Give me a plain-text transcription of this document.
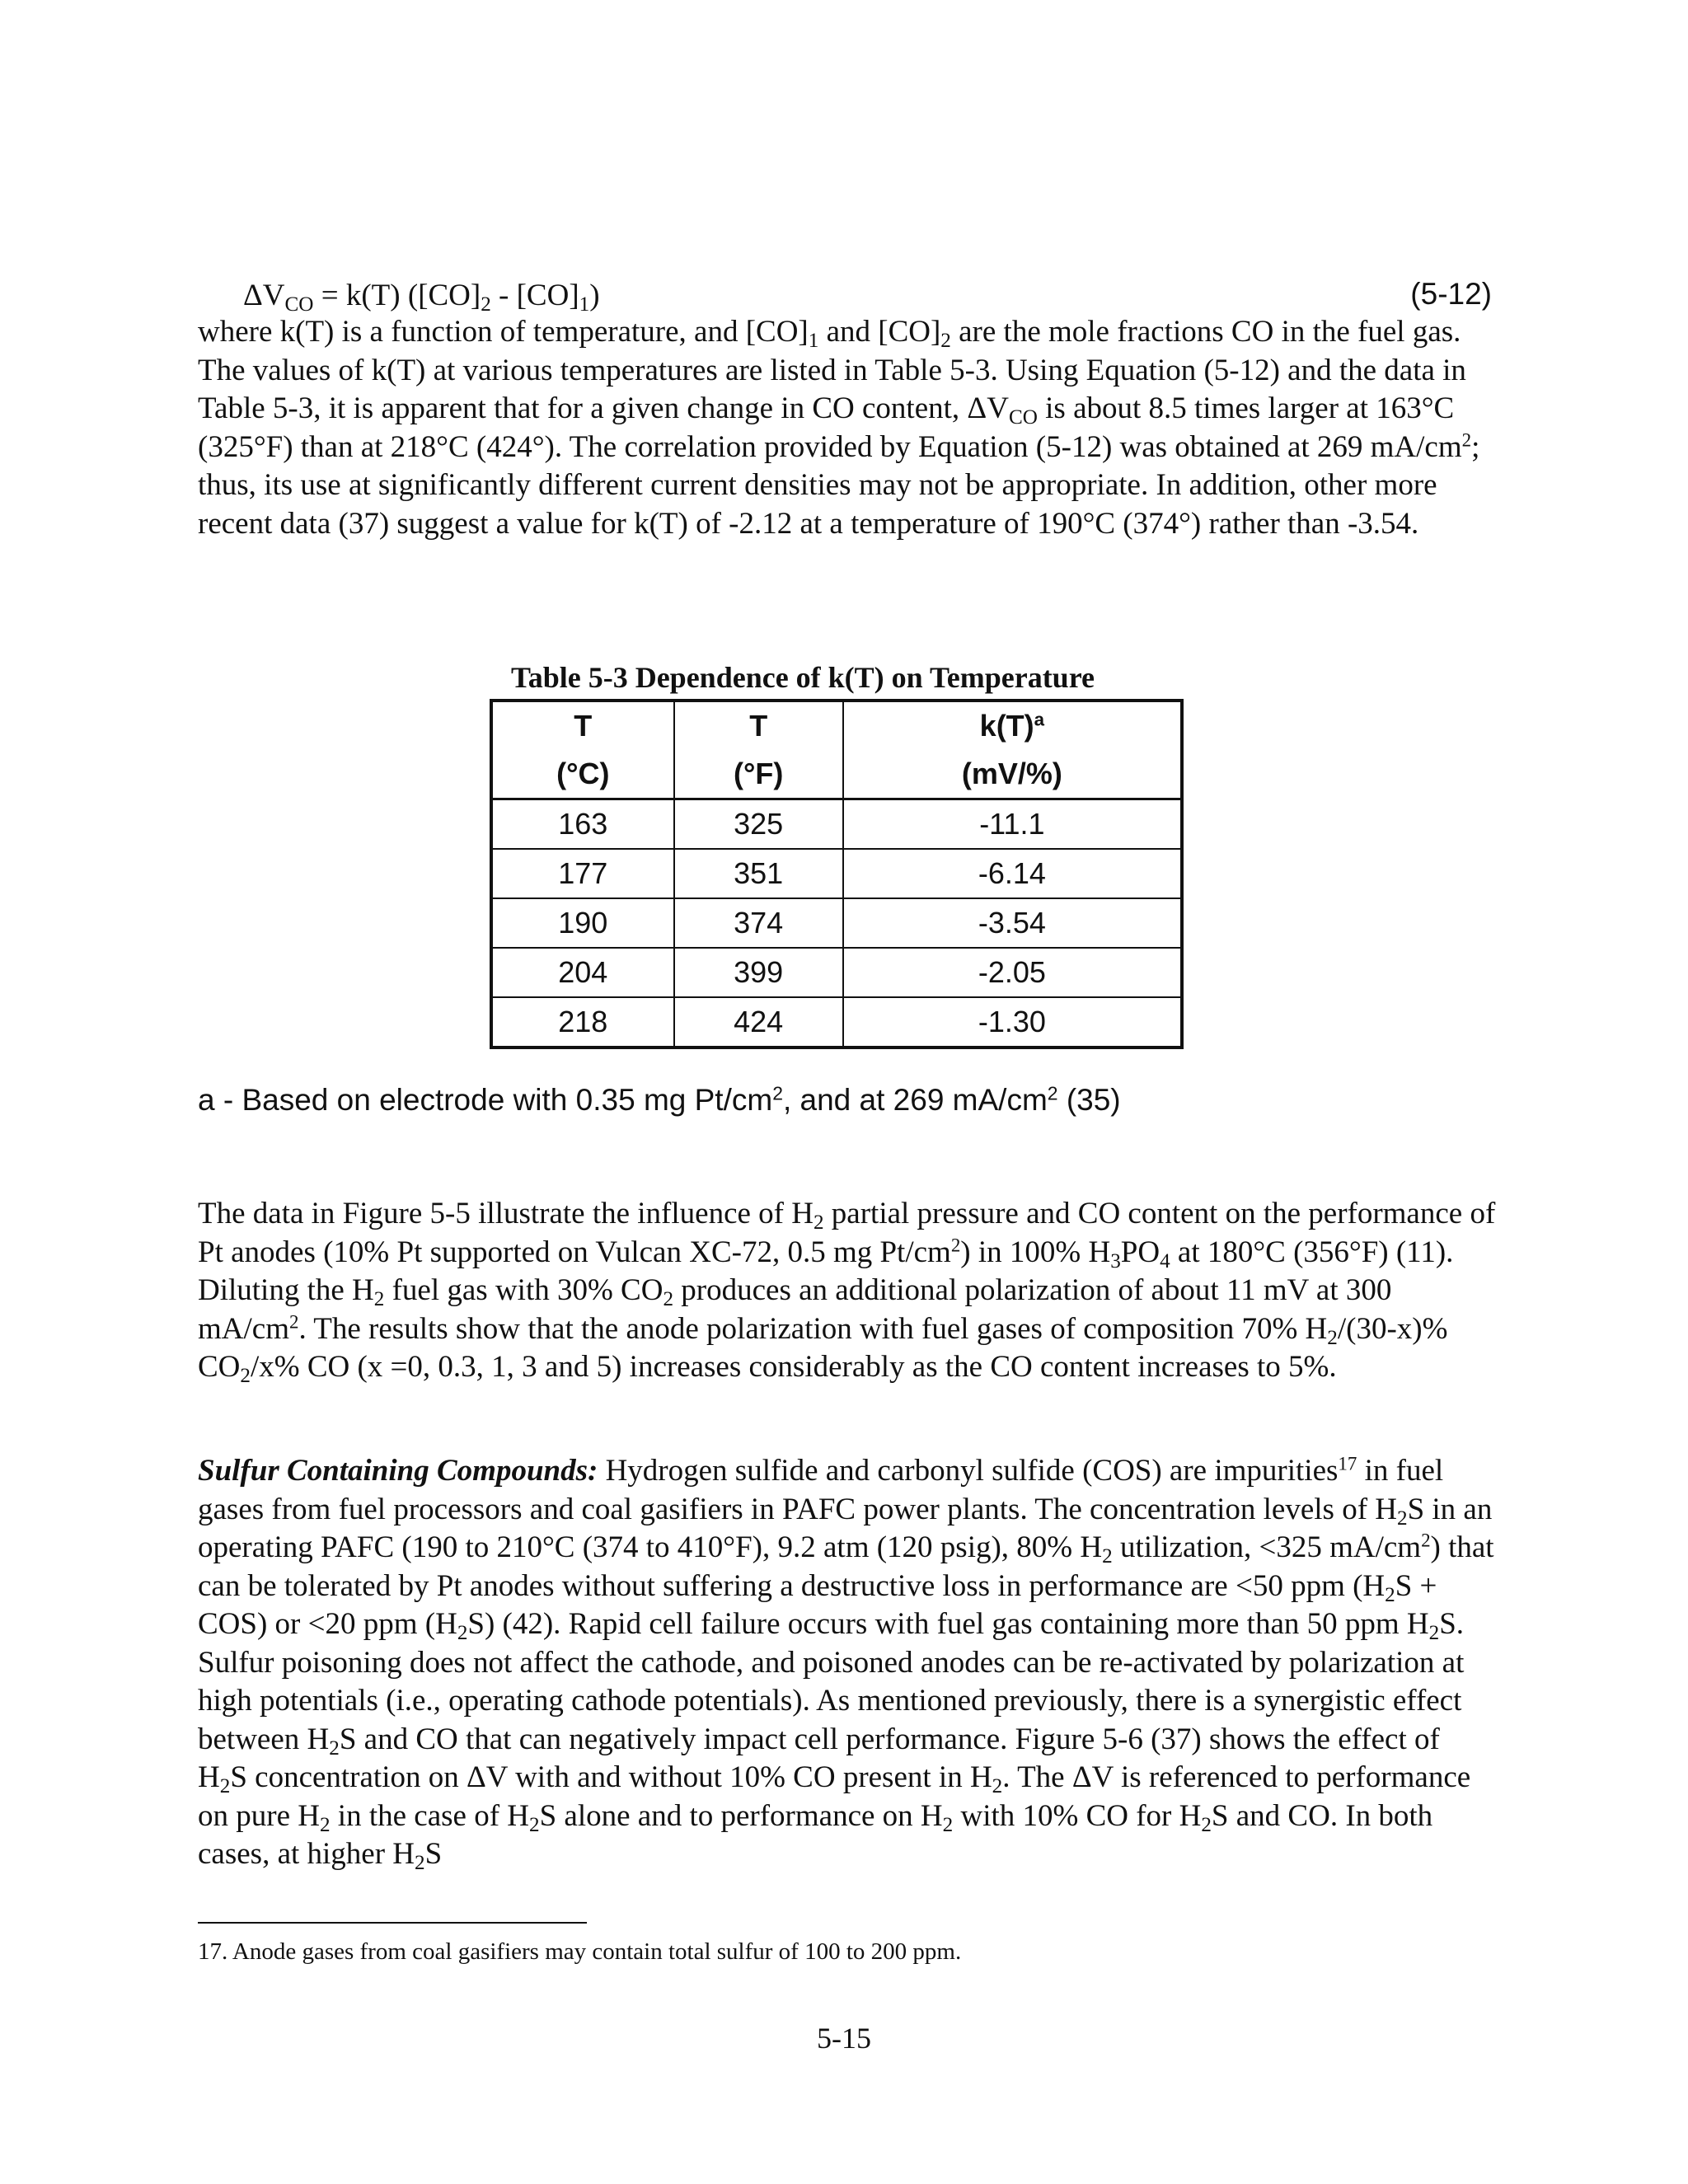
$\Delta V_{CO} = k(T)$ $([CO]_2 - [CO]_1)$	(5-12)
where k(T) is a function of temperature, and $[CO]_1$ and $[CO]_2$ are the mole fractions CO in the fuel gas. The values of k(T) at various temperatures are listed in Table 5-3. Using Equation (5-12) and the data in Table 5-3, it is apparent that for a given change in CO content, $\Delta V_{CO}$ is about 8.5 times larger at 163°C (325°F) than at 218°C (424°). The correlation provided by Equation (5-12) was obtained at 269 $mA/cm^2$; thus, its use at significantly different current densities may not be appropriate. In addition, other more recent data (37) suggest a value for k(T) of -2.12 at a temperature of 190°C (374°) rather than -3.54.
Table 5-3 Dependence of k(T) on Temperature
T	T	$k(T)^a$
(°C)	(°F)	(mV/%)
163	325	-11.1
177	351	-6.14
190	374	-3.54
204	399	-2.05
218	424	-1.30
a - Based on electrode with 0.35 mg $Pt/cm^2$, and at 269 $mA/cm^2$ (35)
The data in Figure 5-5 illustrate the influence of $H_2$ partial pressure and CO content on the performance of Pt anodes (10% Pt supported on Vulcan XC-72, 0.5 mg $Pt/cm^2$) in 100% $H_3PO_4$ at 180°C (356°F) (11). Diluting the $H_2$ fuel gas with 30% $CO_2$ produces an additional polarization of about 11 mV at 300 $mA/cm^2$. The results show that the anode polarization with fuel gases of composition 70% $H_2/(30-x)\%$ $CO_2/x\%$ CO (x =0, 0.3, 1, 3 and 5) increases considerably as the CO content increases to 5%.
Sulfur Containing Compounds: Hydrogen sulfide and carbonyl sulfide (COS) are impurities$^{17}$ in fuel gases from fuel processors and coal gasifiers in PAFC power plants. The concentration levels of $H_2S$ in an operating PAFC (190 to 210°C (374 to 410°F), 9.2 atm (120 psig), 80% $H_2$ utilization, <325 $mA/cm^2$) that can be tolerated by Pt anodes without suffering a destructive loss in performance are <50 ppm $(H_2S + COS)$ or <20 ppm $(H_2S)$ (42). Rapid cell failure occurs with fuel gas containing more than 50 ppm $H_2S$. Sulfur poisoning does not affect the cathode, and poisoned anodes can be re-activated by polarization at high potentials (i.e., operating cathode potentials). As mentioned previously, there is a synergistic effect between $H_2S$ and CO that can negatively impact cell performance. Figure 5-6 (37) shows the effect of $H_2S$ concentration on ΔV with and without 10% CO present in $H_2$. The ΔV is referenced to performance on pure $H_2$ in the case of $H_2S$ alone and to performance on $H_2$ with 10% CO for $H_2S$ and CO. In both cases, at higher $H_2S$
17. Anode gases from coal gasifiers may contain total sulfur of 100 to 200 ppm.
5-15
